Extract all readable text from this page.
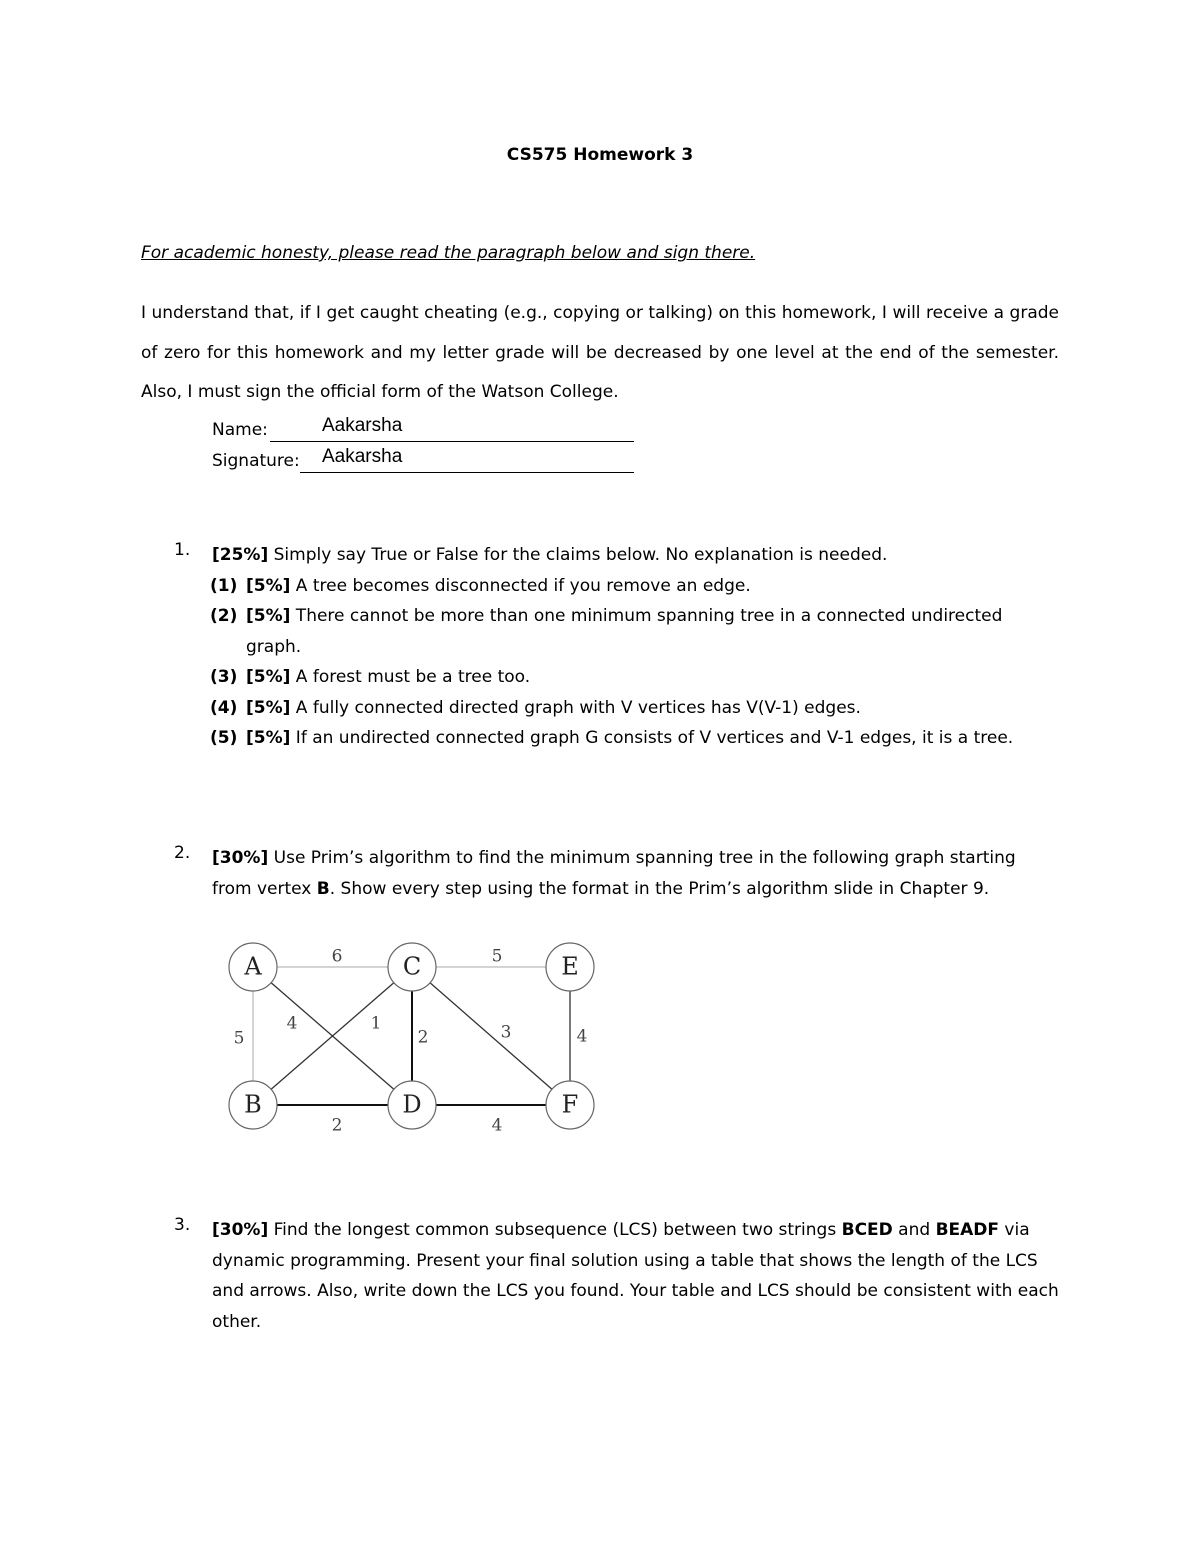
CS575 Homework 3
For academic honesty, please read the paragraph below and sign there.
I understand that, if I get caught cheating (e.g., copying or talking) on this homework, I will receive a grade of zero for this homework and my letter grade will be decreased by one level at the end of the semester. Also, I must sign the official form of the Watson College.
Name:	Aakarsha
Signature: Aakarsha
1. [25%] Simply say True or False for the claims below. No explanation is needed.
(1) [5%] A tree becomes disconnected if you remove an edge.
(2) [5%] There cannot be more than one minimum spanning tree in a connected undirected graph.
(3) [5%] A forest must be a tree too.
(4) [5%] A fully connected directed graph with V vertices has V(V-1) edges.
(5) [5%] If an undirected connected graph G consists of V vertices and V-1 edges, it is a tree.
2. [30%] Use Prim’s algorithm to find the minimum spanning tree in the following graph starting from vertex B. Show every step using the format in the Prim’s algorithm slide in Chapter 9.
6	5
5
4	1
2	3	4
2	4
A
B
C
D
E
F
3. [30%] Find the longest common subsequence (LCS) between two strings BCED and BEADF via dynamic programming. Present your final solution using a table that shows the length of the LCS and arrows. Also, write down the LCS you found. Your table and LCS should be consistent with each other.
